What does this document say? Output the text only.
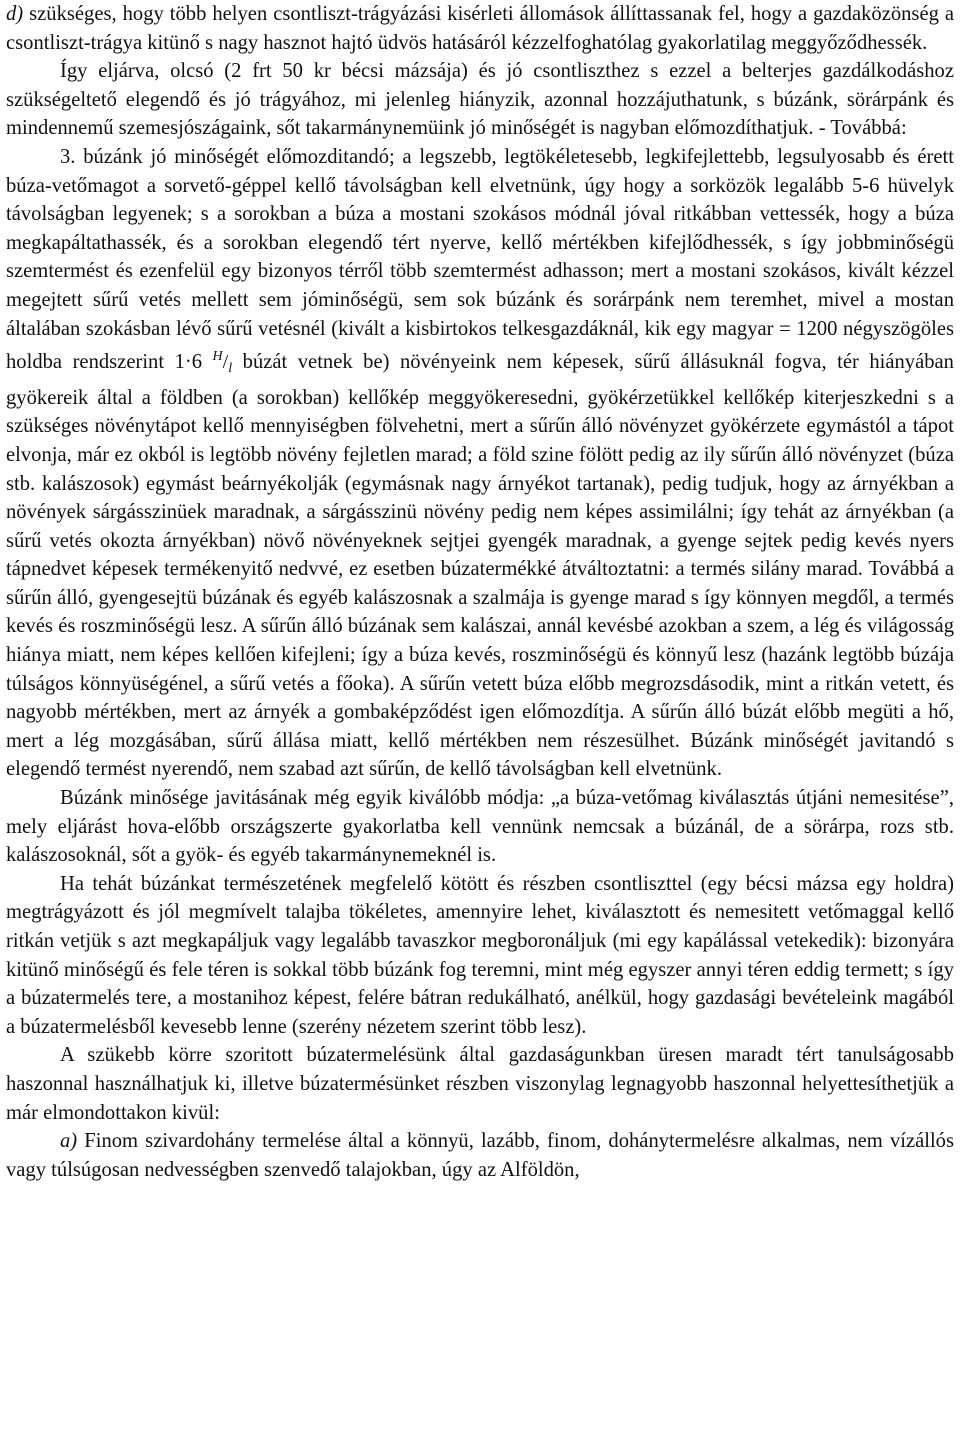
d) szükséges, hogy több helyen csontliszt-trágyázási kisérleti állomások állíttassanak fel, hogy a gazdaközönség a csontliszt-trágya kitünő s nagy hasznot hajtó üdvös hatásáról kézzelfoghatólag gyakorlatilag meggyőződhessék.

Így eljárva, olcsó (2 frt 50 kr bécsi mázsája) és jó csontliszthez s ezzel a belterjes gazdálkodáshoz szükségeltető elegendő és jó trágyához, mi jelenleg hiányzik, azonnal hozzájuthatunk, s búzánk, sörárpánk és mindennemű szemesjószágaink, sőt takarmánynemüink jó minőségét is nagyban előmozdíthatjuk. - Továbbá:

3. búzánk jó minőségét előmozditandó; a legszebb, legtökéletesebb, legkifejlettebb, legsulyosabb és érett búza-vetőmagot a sorvető-géppel kellő távolságban kell elvetnünk, úgy hogy a sorközök legalább 5-6 hüvelyk távolságban legyenek; s a sorokban a búza a mostani szokásos módnál jóval ritkábban vettessék, hogy a búza megkapáltathassék, és a sorokban elegendő tért nyerve, kellő mértékben kifejlődhessék, s így jobbminőségü szemtermést és ezenfelül egy bizonyos térről több szemtermést adhasson; mert a mostani szokásos, kivált kézzel megejtett sűrű vetés mellett sem jóminőségü, sem sok búzánk és sorárpánk nem teremhet, mivel a mostan általában szokásban lévő sűrű vetésnél (kivált a kisbirtokos telkesgazdáknál, kik egy magyar = 1200 négyszögöles holdba rendszerint 1·6 $^H$/l búzát vetnek be) növényeink nem képesek, sűrű állásuknál fogva, tér hiányában gyökereik által a földben (a sorokban) kellőkép meggyökeresedni, gyökérzetükkel kellőkép kiterjeszkedni s a szükséges növénytápot kellő mennyiségben fölvehetni, mert a sűrűn álló növényzet gyökérzete egymástól a tápot elvonja, már ez okból is legtöbb növény fejletlen marad; a föld szine fölött pedig az ily sűrűn álló növényzet (búza stb. kalászosok) egymást beárnyékolják (egymásnak nagy árnyékot tartanak), pedig tudjuk, hogy az árnyékban a növények sárgásszinüek maradnak, a sárgásszinü növény pedig nem képes assimilálni; így tehát az árnyékban (a sűrű vetés okozta árnyékban) növő növényeknek sejtjei gyengék maradnak, a gyenge sejtek pedig kevés nyers tápnedvet képesek termékenyitő nedvvé, ez esetben búzatermékké átváltoztatni: a termés silány marad. Továbbá a sűrűn álló, gyengesejtü búzának és egyéb kalászosnak a szalmája is gyenge marad s így könnyen megdől, a termés kevés és roszminőségü lesz. A sűrűn álló búzának sem kalászai, annál kevésbé azokban a szem, a lég és világosság hiánya miatt, nem képes kellően kifejleni; így a búza kevés, roszminőségü és könnyű lesz (hazánk legtöbb búzája túlságos könnyüségénel, a sűrű vetés a főoka). A sűrűn vetett búza előbb megrozsdásodik, mint a ritkán vetett, és nagyobb mértékben, mert az árnyék a gombaképződést igen előmozdítja. A sűrűn álló búzát előbb megüti a hő, mert a lég mozgásában, sűrű állása miatt, kellő mértékben nem részesülhet. Búzánk minőségét javitandó s elegendő termést nyerendő, nem szabad azt sűrűn, de kellő távolságban kell elvetnünk.

Búzánk minősége javitásának még egyik kiválóbb módja: „a búza-vetőmag kiválasztás útjáni nemesitése”, mely eljárást hova-előbb országszerte gyakorlatba kell vennünk nemcsak a búzánál, de a sörárpa, rozs stb. kalászosoknál, sőt a gyök- és egyéb takarmánynemeknél is.

Ha tehát búzánkat természetének megfelelő kötött és részben csontliszttel (egy bécsi mázsa egy holdra) megtrágyázott és jól megmívelt talajba tökéletes, amennyire lehet, kiválasztott és nemesitett vetőmaggal kellő ritkán vetjük s azt megkapáljuk vagy legalább tavaszkor megboronáljuk (mi egy kapálással vetekedik): bizonyára kitünő minőségű és fele téren is sokkal több búzánk fog teremni, mint még egyszer annyi téren eddig termett; s így a búzatermelés tere, a mostanihoz képest, felére bátran redukálható, anélkül, hogy gazdasági bevételeink magából a búzatermelésből kevesebb lenne (szerény nézetem szerint több lesz).

A szükebb körre szoritott búzatermelésünk által gazdaságunkban üresen maradt tért tanulságosabb haszonnal használhatjuk ki, illetve búzatermésünket részben viszonylag legnagyobb haszonnal helyettesíthetjük a már elmondottakon kivül:

a) Finom szivardohány termelése által a könnyü, lazább, finom, dohánytermelésre alkalmas, nem vízállós vagy túlsúgosan nedvességben szenvedő talajokban, úgy az Alföldön,
